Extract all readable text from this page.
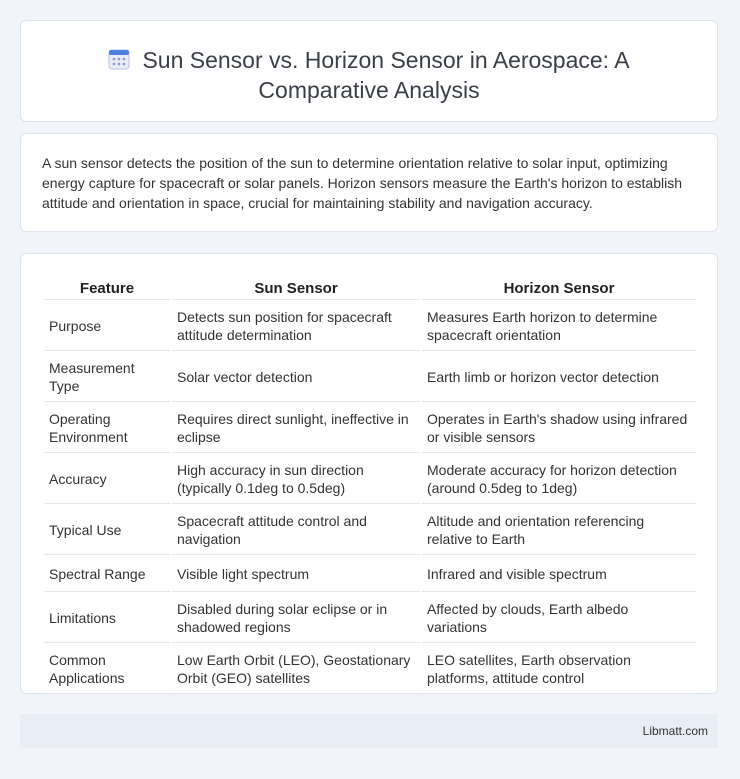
Sun Sensor vs. Horizon Sensor in Aerospace: A
Comparative Analysis
A sun sensor detects the position of the sun to determine orientation relative to solar input, optimizing energy capture for spacecraft or solar panels. Horizon sensors measure the Earth's horizon to establish attitude and orientation in space, crucial for maintaining stability and navigation accuracy.
Feature	Sun Sensor	Horizon Sensor
Purpose	Detects sun position for spacecraft attitude determination	Measures Earth horizon to determine spacecraft orientation
Measurement Type	Solar vector detection	Earth limb or horizon vector detection
Operating Environment	Requires direct sunlight, ineffective in eclipse	Operates in Earth's shadow using infrared or visible sensors
Accuracy	High accuracy in sun direction (typically 0.1deg to 0.5deg)	Moderate accuracy for horizon detection (around 0.5deg to 1deg)
Typical Use	Spacecraft attitude control and navigation	Altitude and orientation referencing relative to Earth
Spectral Range	Visible light spectrum	Infrared and visible spectrum
Limitations	Disabled during solar eclipse or in shadowed regions	Affected by clouds, Earth albedo variations
Common Applications	Low Earth Orbit (LEO), Geostationary Orbit (GEO) satellites	LEO satellites, Earth observation platforms, attitude control
Libmatt.com
